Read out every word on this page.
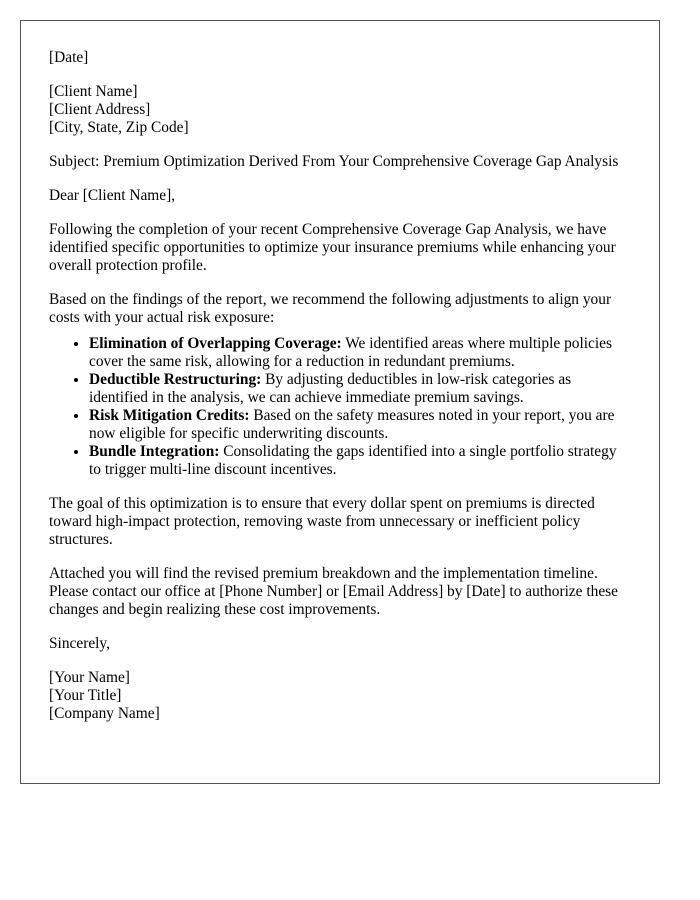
[Date]

[Client Name]
[Client Address]
[City, State, Zip Code]

Subject: Premium Optimization Derived From Your Comprehensive Coverage Gap Analysis

Dear [Client Name],

Following the completion of your recent Comprehensive Coverage Gap Analysis, we have identified specific opportunities to optimize your insurance premiums while enhancing your overall protection profile.

Based on the findings of the report, we recommend the following adjustments to align your costs with your actual risk exposure:

• Elimination of Overlapping Coverage: We identified areas where multiple policies cover the same risk, allowing for a reduction in redundant premiums.
• Deductible Restructuring: By adjusting deductibles in low-risk categories as identified in the analysis, we can achieve immediate premium savings.
• Risk Mitigation Credits: Based on the safety measures noted in your report, you are now eligible for specific underwriting discounts.
• Bundle Integration: Consolidating the gaps identified into a single portfolio strategy to trigger multi-line discount incentives.

The goal of this optimization is to ensure that every dollar spent on premiums is directed toward high-impact protection, removing waste from unnecessary or inefficient policy structures.

Attached you will find the revised premium breakdown and the implementation timeline. Please contact our office at [Phone Number] or [Email Address] by [Date] to authorize these changes and begin realizing these cost improvements.

Sincerely,

[Your Name]
[Your Title]
[Company Name]
